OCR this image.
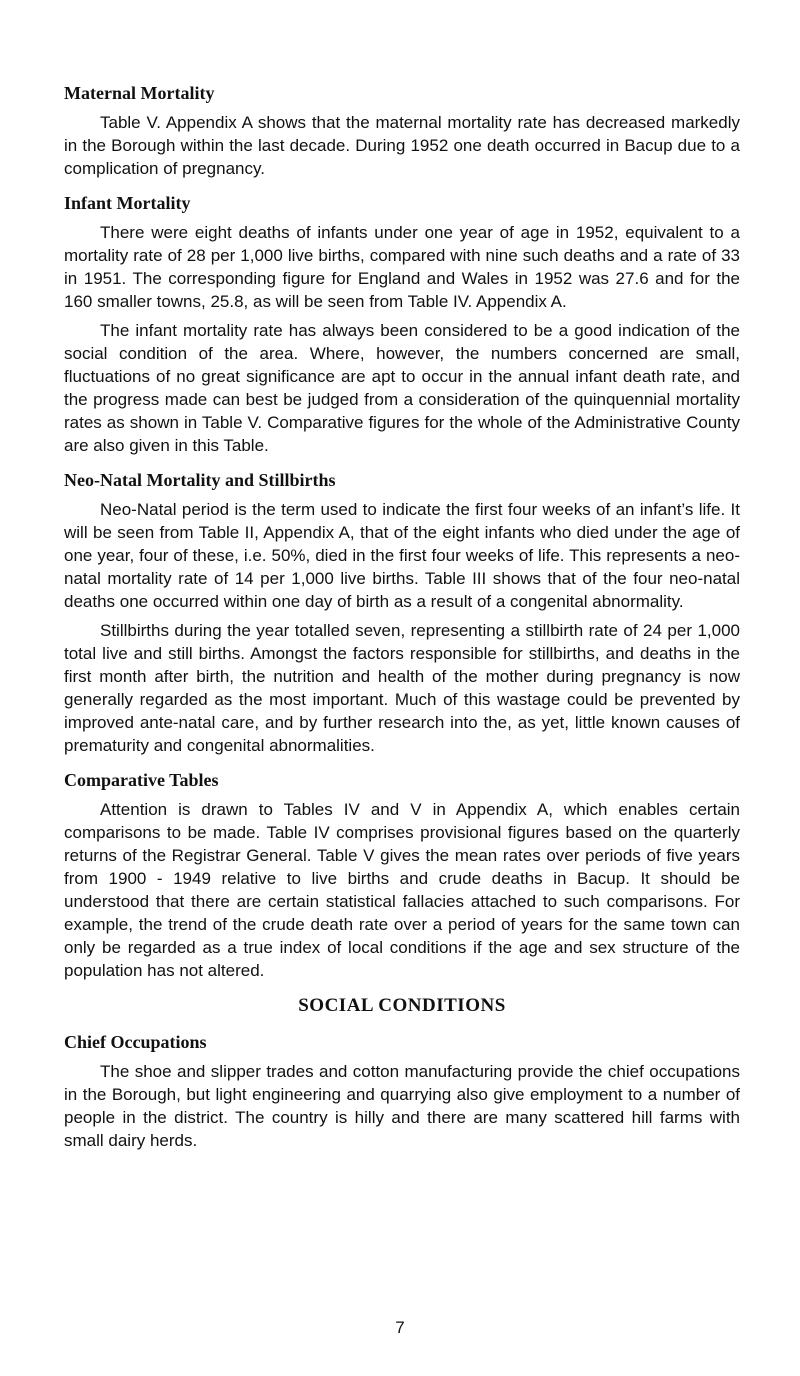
Maternal Mortality

Table V. Appendix A shows that the maternal mortality rate has decreased markedly in the Borough within the last decade. During 1952 one death occurred in Bacup due to a complication of pregnancy.

Infant Mortality

There were eight deaths of infants under one year of age in 1952, equivalent to a mortality rate of 28 per 1,000 live births, compared with nine such deaths and a rate of 33 in 1951. The corresponding figure for England and Wales in 1952 was 27.6 and for the 160 smaller towns, 25.8, as will be seen from Table IV. Appendix A.

The infant mortality rate has always been considered to be a good indication of the social condition of the area. Where, however, the numbers concerned are small, fluctuations of no great significance are apt to occur in the annual infant death rate, and the progress made can best be judged from a consideration of the quinquennial mortality rates as shown in Table V. Comparative figures for the whole of the Administrative County are also given in this Table.

Neo-Natal Mortality and Stillbirths

Neo-Natal period is the term used to indicate the first four weeks of an infant’s life. It will be seen from Table II, Appendix A, that of the eight infants who died under the age of one year, four of these, i.e. 50%, died in the first four weeks of life. This represents a neo-natal mortality rate of 14 per 1,000 live births. Table III shows that of the four neo-natal deaths one occurred within one day of birth as a result of a congenital abnormality.

Stillbirths during the year totalled seven, representing a stillbirth rate of 24 per 1,000 total live and still births. Amongst the factors responsible for stillbirths, and deaths in the first month after birth, the nutrition and health of the mother during pregnancy is now generally regarded as the most important. Much of this wastage could be prevented by improved ante-natal care, and by further research into the, as yet, little known causes of prematurity and congenital abnormalities.

Comparative Tables

Attention is drawn to Tables IV and V in Appendix A, which enables certain comparisons to be made. Table IV comprises provisional figures based on the quarterly returns of the Registrar General. Table V gives the mean rates over periods of five years from 1900 - 1949 relative to live births and crude deaths in Bacup. It should be understood that there are certain statistical fallacies attached to such comparisons. For example, the trend of the crude death rate over a period of years for the same town can only be regarded as a true index of local conditions if the age and sex structure of the population has not altered.

SOCIAL CONDITIONS
Chief Occupations

The shoe and slipper trades and cotton manufacturing provide the chief occupations in the Borough, but light engineering and quarrying also give employment to a number of people in the district. The country is hilly and there are many scattered hill farms with small dairy herds.

7
